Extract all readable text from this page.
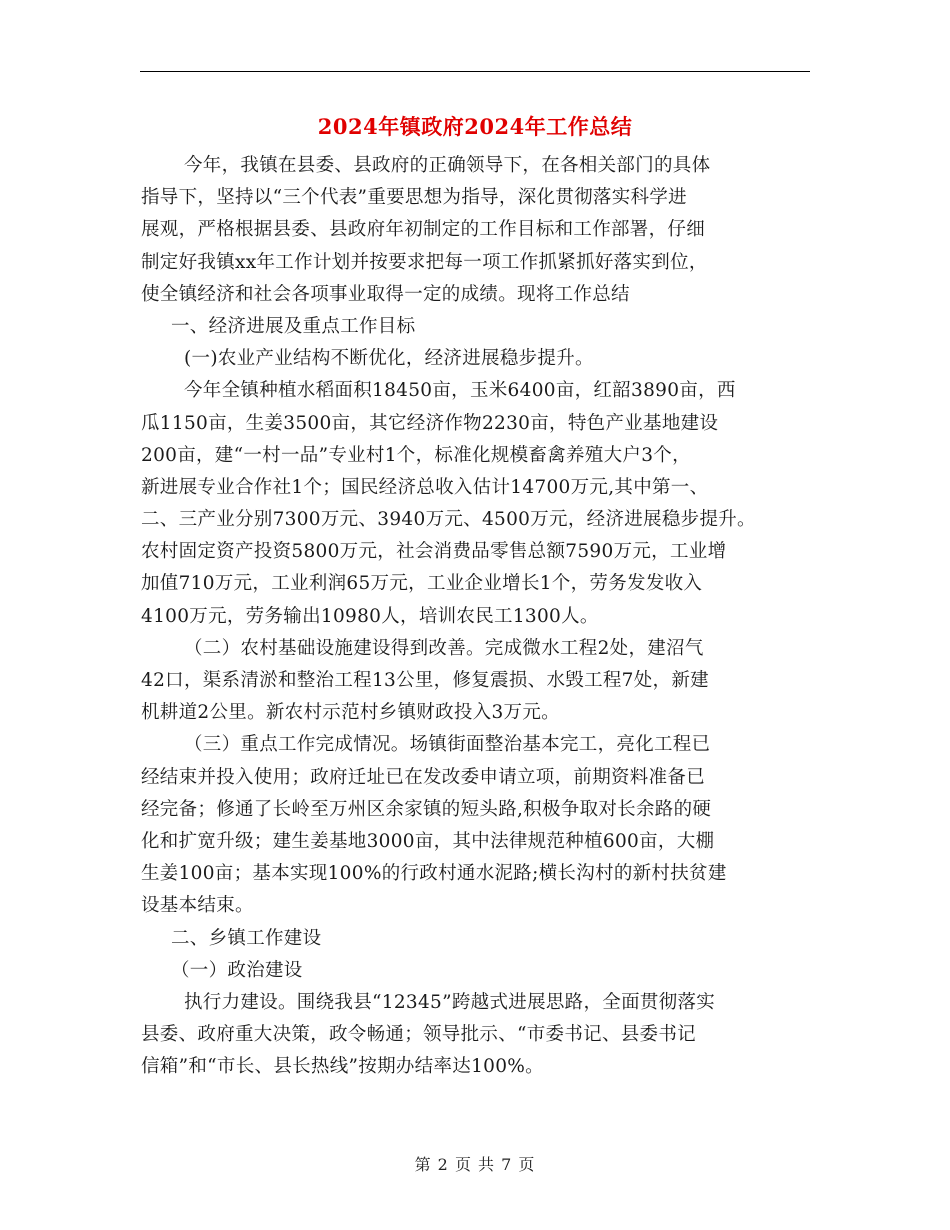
2024年镇政府2024年工作总结
今年，我镇在县委、县政府的正确领导下，在各相关部门的具体
指导下，坚持以“三个代表”重要思想为指导，深化贯彻落实科学进
展观，严格根据县委、县政府年初制定的工作目标和工作部署，仔细
制定好我镇xx年工作计划并按要求把每一项工作抓紧抓好落实到位，
使全镇经济和社会各项事业取得一定的成绩。现将工作总结
一、经济进展及重点工作目标
(一)农业产业结构不断优化，经济进展稳步提升。
今年全镇种植水稻面积18450亩，玉米6400亩，红韶3890亩，西
瓜1150亩，生姜3500亩，其它经济作物2230亩，特色产业基地建设
200亩，建“一村一品”专业村1个，标准化规模畜禽养殖大户3个，
新进展专业合作社1个；国民经济总收入估计14700万元,其中第一、
二、三产业分别7300万元、3940万元、4500万元，经济进展稳步提升。
农村固定资产投资5800万元，社会消费品零售总额7590万元，工业增
加值710万元，工业利润65万元，工业企业增长1个，劳务发发收入
4100万元，劳务输出10980人，培训农民工1300人。
（二）农村基础设施建设得到改善。完成微水工程2处，建沼气
42口，渠系清淤和整治工程13公里，修复震损、水毁工程7处，新建
机耕道2公里。新农村示范村乡镇财政投入3万元。
（三）重点工作完成情况。场镇街面整治基本完工，亮化工程已
经结束并投入使用；政府迁址已在发改委申请立项，前期资料准备已
经完备；修通了长岭至万州区余家镇的短头路,积极争取对长余路的硬
化和扩宽升级；建生姜基地3000亩，其中法律规范种植600亩，大棚
生姜100亩；基本实现100%的行政村通水泥路;横长沟村的新村扶贫建
设基本结束。
二、乡镇工作建设
（一）政治建设
执行力建设。围绕我县“12345”跨越式进展思路，全面贯彻落实
县委、政府重大决策，政令畅通；领导批示、“市委书记、县委书记
信箱”和“市长、县长热线”按期办结率达100%。
第 2 页 共 7 页
